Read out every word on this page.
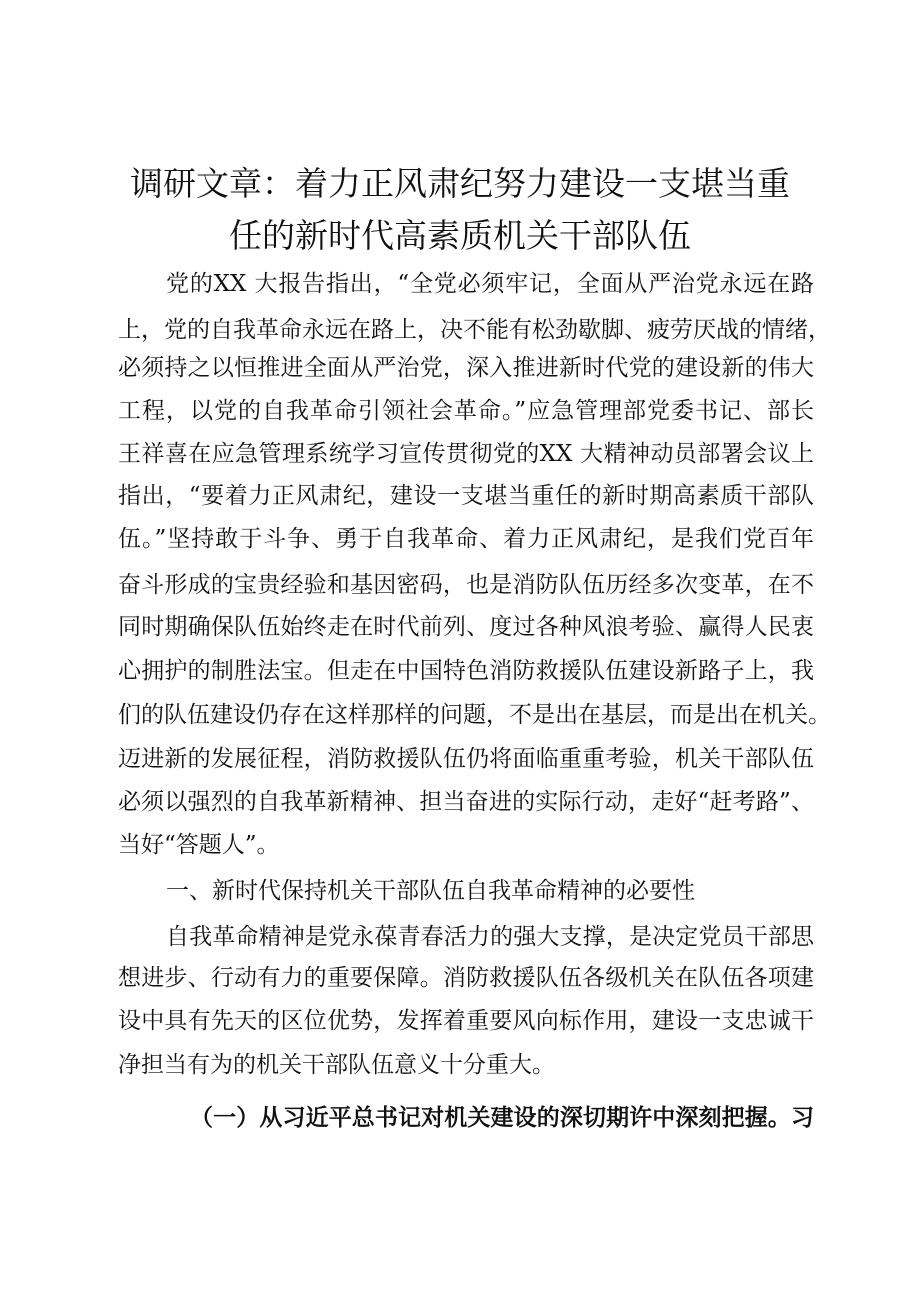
调研文章：着力正风肃纪努力建设一支堪当重
任的新时代高素质机关干部队伍
党的XX 大报告指出，“全党必须牢记，全面从严治党永远在路
上，党的自我革命永远在路上，决不能有松劲歇脚、疲劳厌战的情绪，
必须持之以恒推进全面从严治党，深入推进新时代党的建设新的伟大
工程，以党的自我革命引领社会革命。”应急管理部党委书记、部长
王祥喜在应急管理系统学习宣传贯彻党的XX 大精神动员部署会议上
指出，“要着力正风肃纪，建设一支堪当重任的新时期高素质干部队
伍。”坚持敢于斗争、勇于自我革命、着力正风肃纪，是我们党百年
奋斗形成的宝贵经验和基因密码，也是消防队伍历经多次变革，在不
同时期确保队伍始终走在时代前列、度过各种风浪考验、赢得人民衷
心拥护的制胜法宝。但走在中国特色消防救援队伍建设新路子上，我
们的队伍建设仍存在这样那样的问题，不是出在基层，而是出在机关。
迈进新的发展征程，消防救援队伍仍将面临重重考验，机关干部队伍
必须以强烈的自我革新精神、担当奋进的实际行动，走好“赶考路”、
当好“答题人”。
一、新时代保持机关干部队伍自我革命精神的必要性
自我革命精神是党永葆青春活力的强大支撑，是决定党员干部思
想进步、行动有力的重要保障。消防救援队伍各级机关在队伍各项建
设中具有先天的区位优势，发挥着重要风向标作用，建设一支忠诚干
净担当有为的机关干部队伍意义十分重大。
（一）从习近平总书记对机关建设的深切期许中深刻把握。习
